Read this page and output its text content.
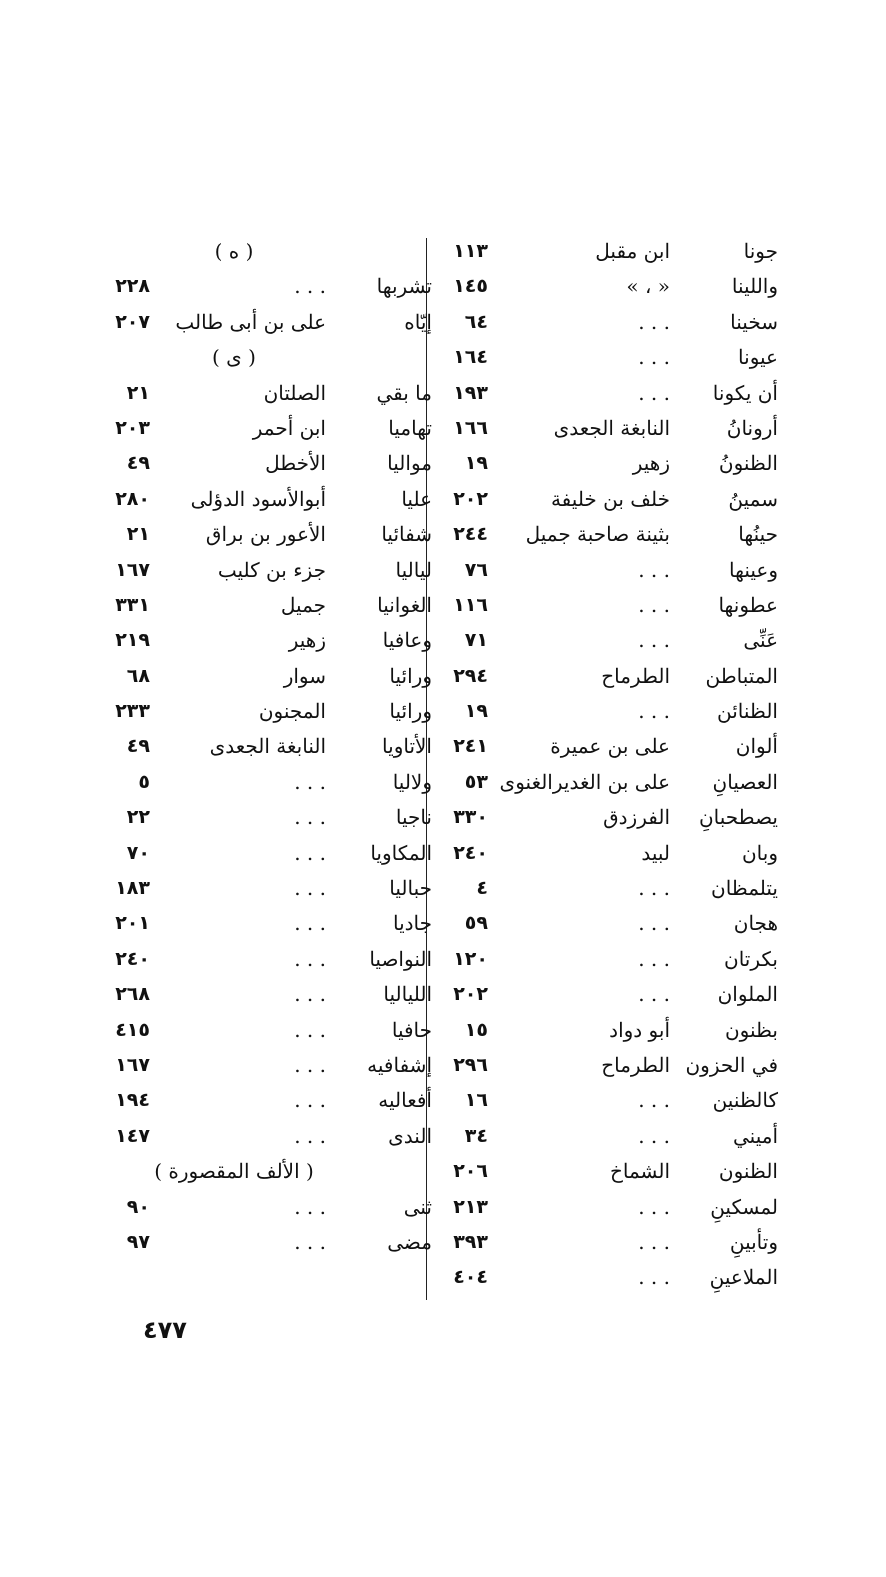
جونا
ابن مقبل
١١٣
واللينا
« ، »
١٤٥
سخينا
. . .
٦٤
عيونا
. . .
١٦٤
أن يكونا
. . .
١٩٣
أرونانُ
النابغة الجعدى
١٦٦
الظنونُ
زهير
١٩
سمينُ
خلف بن خليفة
٢٠٢
حينُها
بثينة صاحبة جميل
٢٤٤
وعينها
. . .
٧٦
عطونها
. . .
١١٦
عَنِّى
. . .
٧١
المتباطن
الطرماح
٢٩٤
الظنائن
. . .
١٩
ألوان
على بن عميرة
٢٤١
العصيانِ
على بن الغديرالغنوى
٥٣
يصطحبانِ
الفرزدق
٣٣٠
وبان
لبيد
٢٤٠
يتلمظان
. . .
٤
هجان
. . .
٥٩
بكرتان
. . .
١٢٠
الملوان
. . .
٢٠٢
بظنون
أبو دواد
١٥
في الحزون
الطرماح
٢٩٦
كالظنين
. . .
١٦
أميني
. . .
٣٤
الظنون
الشماخ
٢٠٦
لمسكينِ
. . .
٢١٣
وتأبينِ
. . .
٣٩٣
الملاعينِ
. . .
٤٠٤
( ه )
تشربها
. . .
٢٢٨
إيّاه
على بن أبى طالب
٢٠٧
( ى )
ما بقي
الصلتان
٢١
تهاميا
ابن أحمر
٢٠٣
مواليا
الأخطل
٤٩
عليا
أبوالأسود الدؤلى
٢٨٠
شفائيا
الأعور بن براق
٢١
لياليا
جزء بن كليب
١٦٧
الغوانيا
جميل
٣٣١
وعافيا
زهير
٢١٩
ورائيا
سوار
٦٨
ورائيا
المجنون
٢٣٣
الأتاويا
النابغة الجعدى
٤٩
ولاليا
. . .
٥
ناجيا
. . .
٢٢
المكاويا
. . .
٧٠
حباليا
. . .
١٨٣
جاديا
. . .
٢٠١
النواصيا
. . .
٢٤٠
اللياليا
. . .
٢٦٨
حافيا
. . .
٤١٥
إشفافيه
. . .
١٦٧
أفعاليه
. . .
١٩٤
الندى
. . .
١٤٧
( الألف المقصورة )
ثنى
. . .
٩٠
مضى
. . .
٩٧
٤٧٧
